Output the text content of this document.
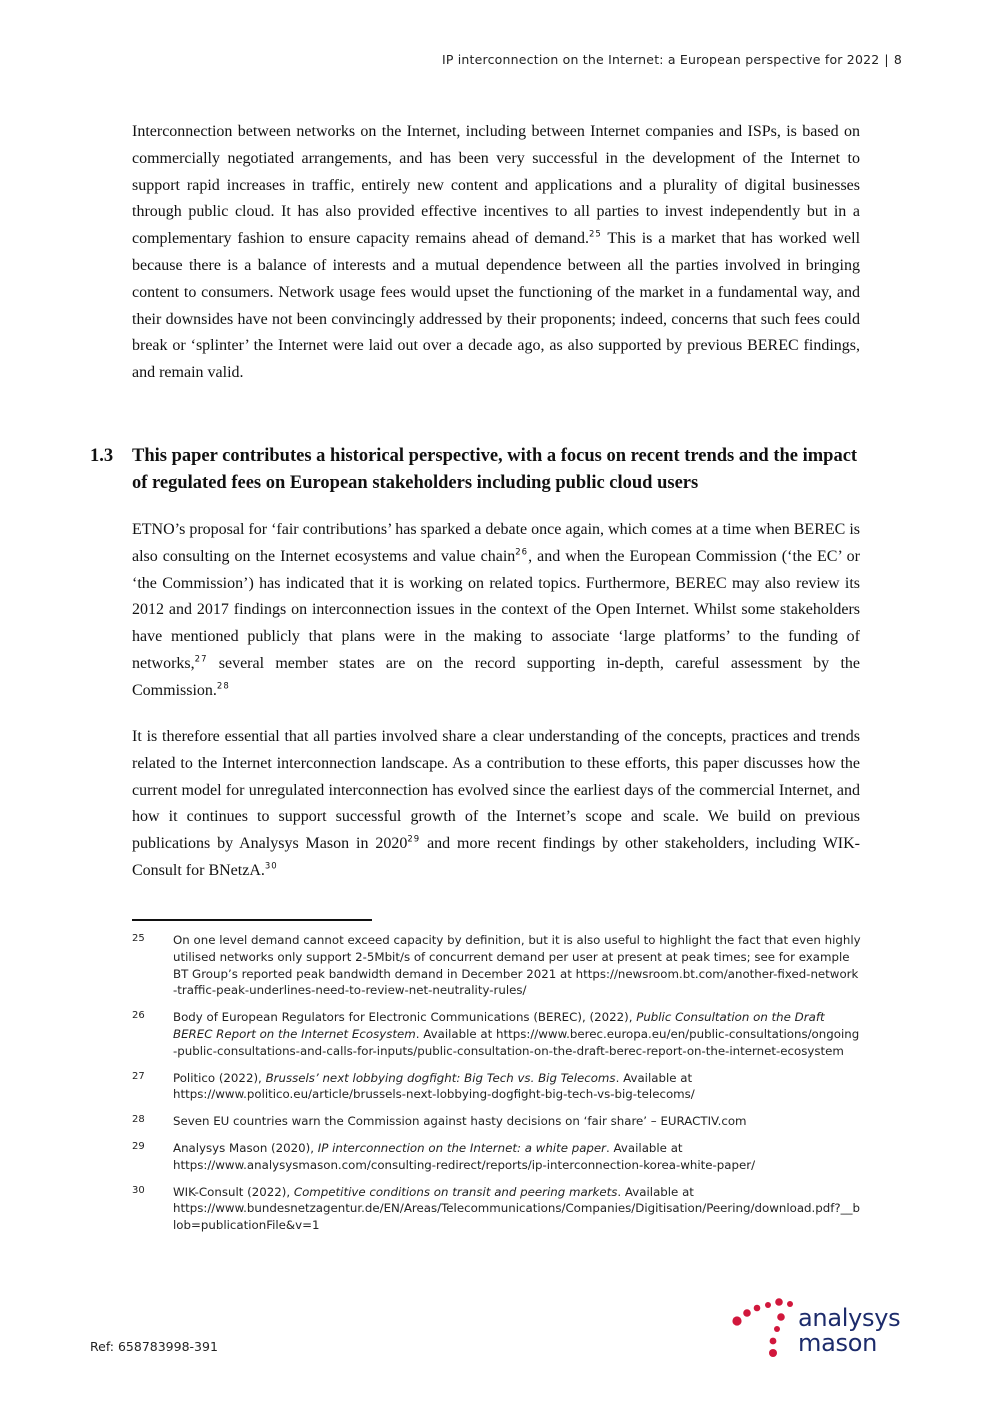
IP interconnection on the Internet: a European perspective for 2022 | 8

Interconnection between networks on the Internet, including between Internet companies and ISPs, is based on commercially negotiated arrangements, and has been very successful in the development of the Internet to support rapid increases in traffic, entirely new content and applications and a plurality of digital businesses through public cloud. It has also provided effective incentives to all parties to invest independently but in a complementary fashion to ensure capacity remains ahead of demand.$^{25}$ This is a market that has worked well because there is a balance of interests and a mutual dependence between all the parties involved in bringing content to consumers. Network usage fees would upset the functioning of the market in a fundamental way, and their downsides have not been convincingly addressed by their proponents; indeed, concerns that such fees could break or ‘splinter’ the Internet were laid out over a decade ago, as also supported by previous BEREC findings, and remain valid.

1.3	This paper contributes a historical perspective, with a focus on recent trends and the impact of regulated fees on European stakeholders including public cloud users

ETNO’s proposal for ‘fair contributions’ has sparked a debate once again, which comes at a time when BEREC is also consulting on the Internet ecosystems and value chain$^{26}$, and when the European Commission (‘the EC’ or ‘the Commission’) has indicated that it is working on related topics. Furthermore, BEREC may also review its 2012 and 2017 findings on interconnection issues in the context of the Open Internet. Whilst some stakeholders have mentioned publicly that plans were in the making to associate ‘large platforms’ to the funding of networks,$^{27}$ several member states are on the record supporting in-depth, careful assessment by the Commission.$^{28}$

It is therefore essential that all parties involved share a clear understanding of the concepts, practices and trends related to the Internet interconnection landscape. As a contribution to these efforts, this paper discusses how the current model for unregulated interconnection has evolved since the earliest days of the commercial Internet, and how it continues to support successful growth of the Internet’s scope and scale. We build on previous publications by Analysys Mason in 2020$^{29}$ and more recent findings by other stakeholders, including WIK-Consult for BNetzA.$^{30}$

25	On one level demand cannot exceed capacity by definition, but it is also useful to highlight the fact that even highly utilised networks only support 2-5Mbit/s of concurrent demand per user at present at peak times; see for example BT Group’s reported peak bandwidth demand in December 2021 at https://newsroom.bt.com/another-fixed-network-traffic-peak-underlines-need-to-review-net-neutrality-rules/
26	Body of European Regulators for Electronic Communications (BEREC), (2022), Public Consultation on the Draft BEREC Report on the Internet Ecosystem. Available at https://www.berec.europa.eu/en/public-consultations/ongoing-public-consultations-and-calls-for-inputs/public-consultation-on-the-draft-berec-report-on-the-internet-ecosystem
27	Politico (2022), Brussels’ next lobbying dogfight: Big Tech vs. Big Telecoms. Available at
https://www.politico.eu/article/brussels-next-lobbying-dogfight-big-tech-vs-big-telecoms/
28	Seven EU countries warn the Commission against hasty decisions on ‘fair share’ – EURACTIV.com
29	Analysys Mason (2020), IP interconnection on the Internet: a white paper. Available at
https://www.analysysmason.com/consulting-redirect/reports/ip-interconnection-korea-white-paper/
30	WIK-Consult (2022), Competitive conditions on transit and peering markets. Available at
https://www.bundesnetzagentur.de/EN/Areas/Telecommunications/Companies/Digitisation/Peering/download.pdf?__blob=publicationFile&v=1
Ref: 658783998-391
analysys
mason
